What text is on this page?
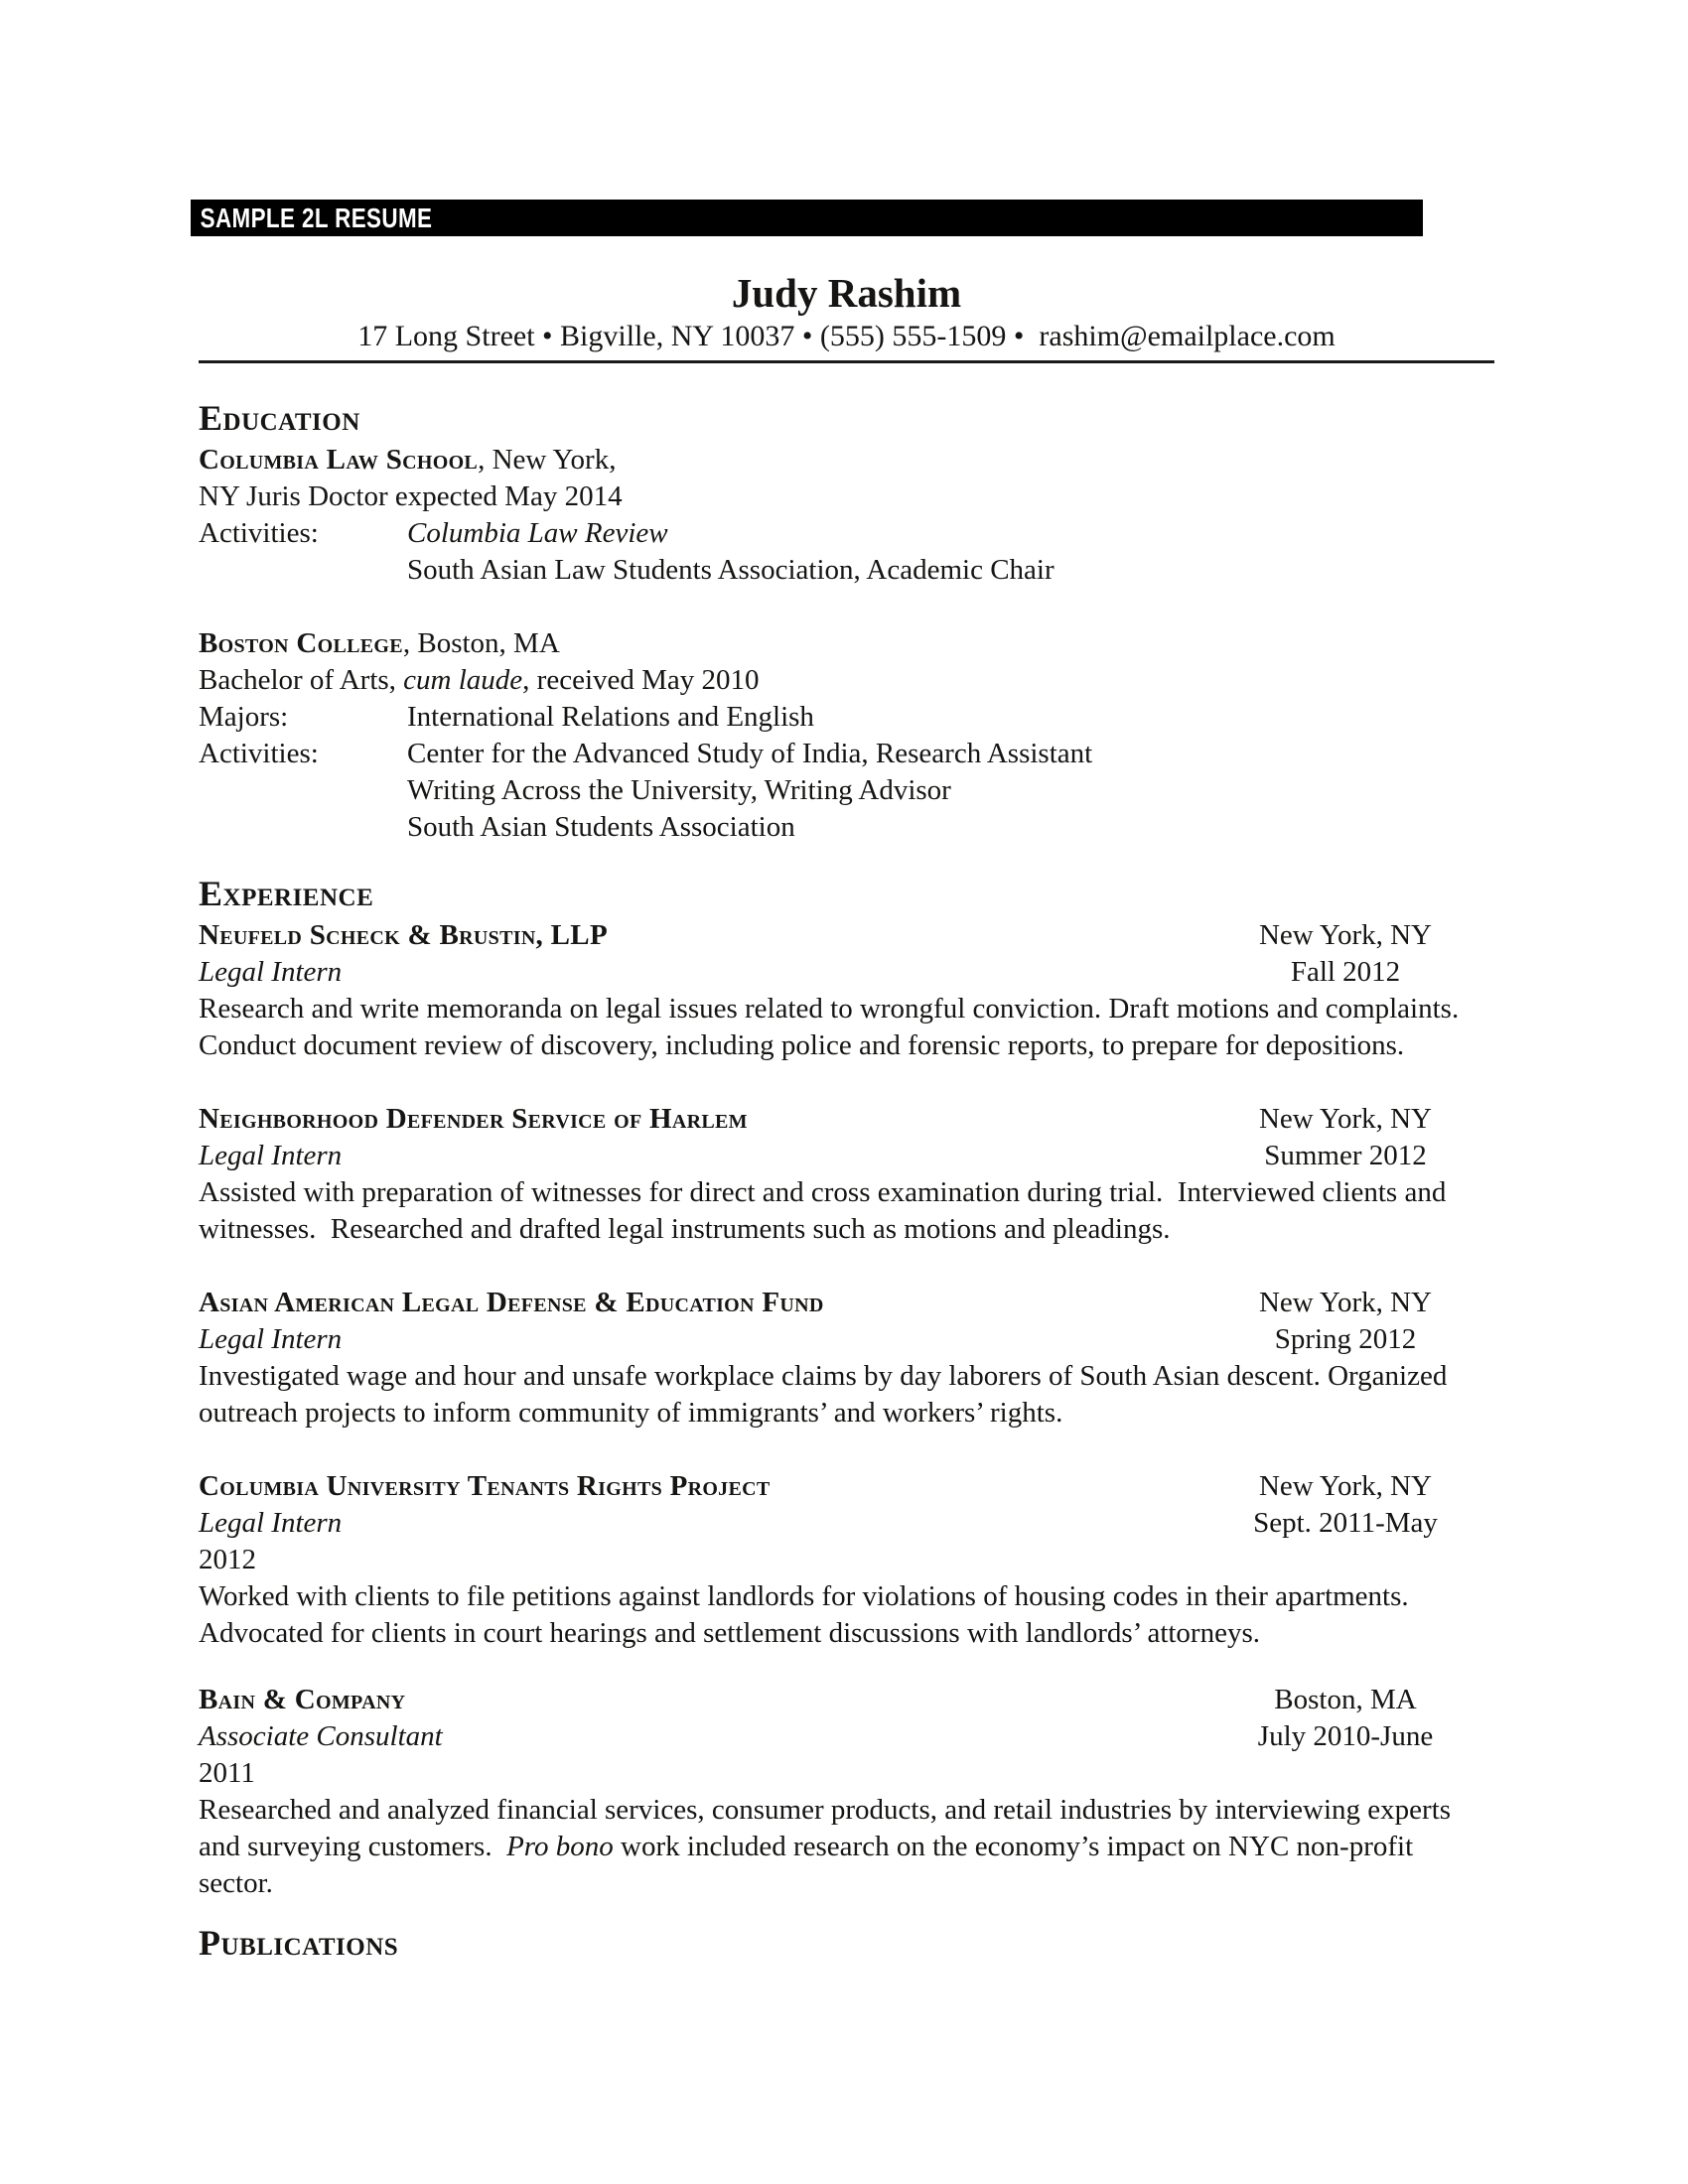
SAMPLE 2L RESUME
Judy Rashim
17 Long Street • Bigville, NY 10037 • (555) 555-1509 •  rashim@emailplace.com
Education
Columbia Law School, New York,
NY Juris Doctor expected May 2014
Activities:	Columbia Law Review
South Asian Law Students Association, Academic Chair
Boston College, Boston, MA
Bachelor of Arts, cum laude, received May 2010
Majors:	International Relations and English
Activities:	Center for the Advanced Study of India, Research Assistant
Writing Across the University, Writing Advisor
South Asian Students Association
Experience
Neufeld Scheck & Brustin, LLP	New York, NY
Legal Intern	Fall 2012
Research and write memoranda on legal issues related to wrongful conviction. Draft motions and complaints. Conduct document review of discovery, including police and forensic reports, to prepare for depositions.
Neighborhood Defender Service of Harlem	New York, NY
Legal Intern	Summer 2012
Assisted with preparation of witnesses for direct and cross examination during trial.  Interviewed clients and witnesses.  Researched and drafted legal instruments such as motions and pleadings.
Asian American Legal Defense & Education Fund	New York, NY
Legal Intern	Spring 2012
Investigated wage and hour and unsafe workplace claims by day laborers of South Asian descent. Organized outreach projects to inform community of immigrants’ and workers’ rights.
Columbia University Tenants Rights Project	New York, NY
Legal Intern	Sept. 2011-May
2012
Worked with clients to file petitions against landlords for violations of housing codes in their apartments. Advocated for clients in court hearings and settlement discussions with landlords’ attorneys.
Bain & Company	Boston, MA
Associate Consultant	July 2010-June
2011
Researched and analyzed financial services, consumer products, and retail industries by interviewing experts and surveying customers.  Pro bono work included research on the economy’s impact on NYC non-profit sector.
Publications
